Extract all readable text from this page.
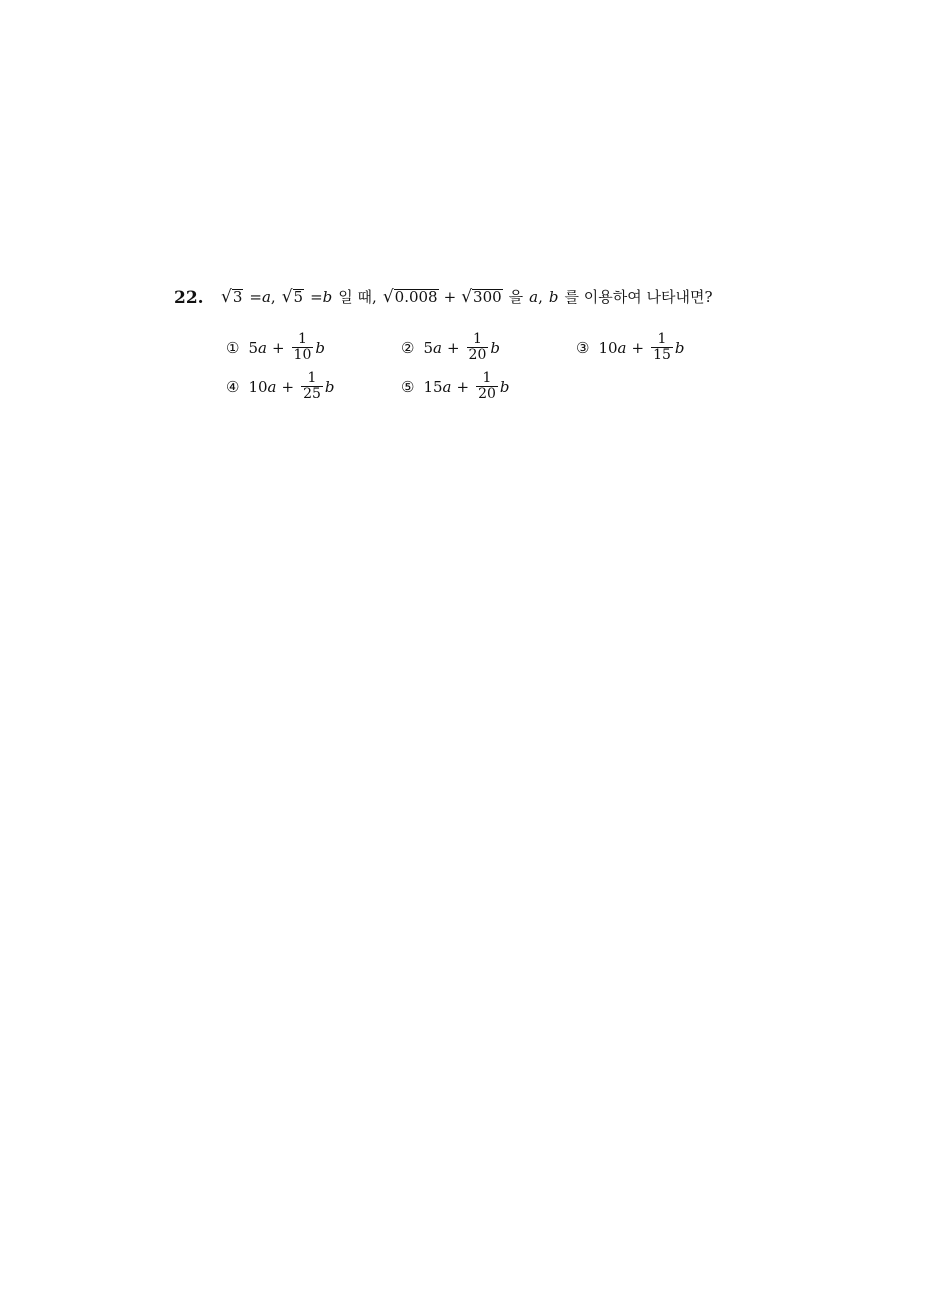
22. √ 3 = a , √ 5 = b 일 때, √ 0.008 + √ 300 을 a , b 를 이용하여 나타내면?
① 5 $a + \frac{1}{10}$ b	② 5 $a + \frac{1}{20}$ b	③ 10 $a + \frac{1}{15}$ b
④ 10 $a + \frac{1}{25}$ b	⑤ 15 $a + \frac{1}{20}$ b
